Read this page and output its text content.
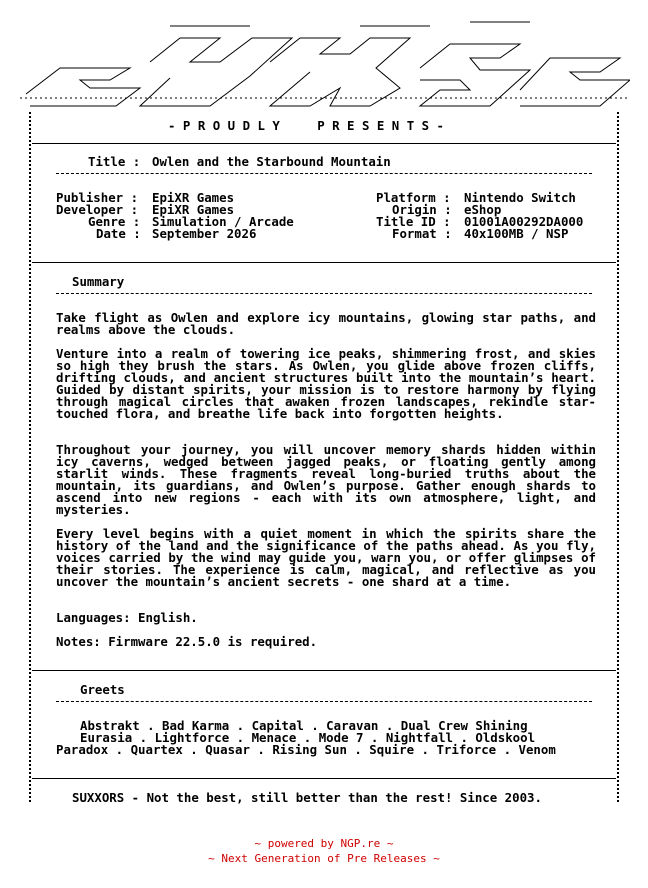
- P R O U D L Y     P R E S E N T S -
Title : Owlen and the Starbound Mountain
Publisher : EpiXR Games
Developer : EpiXR Games
Genre : Simulation / Arcade
Date : September 2026
Platform : Nintendo Switch
Origin : eShop
Title ID : 01001A00292DA000
Format : 40x100MB / NSP
Summary
Take flight as Owlen and explore icy mountains, glowing star paths, and realms above the clouds.
Venture into a realm of towering ice peaks, shimmering frost, and skies so high they brush the stars. As Owlen, you glide above frozen cliffs, drifting clouds, and ancient structures built into the mountain’s heart. Guided by distant spirits, your mission is to restore harmony by flying through magical circles that awaken frozen landscapes, rekindle star-touched flora, and breathe life back into forgotten heights.
Throughout your journey, you will uncover memory shards hidden within icy caverns, wedged between jagged peaks, or floating gently among starlit winds. These fragments reveal long-buried truths about the mountain, its guardians, and Owlen’s purpose. Gather enough shards to ascend into new regions - each with its own atmosphere, light, and mysteries.
Every level begins with a quiet moment in which the spirits share the history of the land and the significance of the paths ahead. As you fly, voices carried by the wind may guide you, warn you, or offer glimpses of their stories. The experience is calm, magical, and reflective as you uncover the mountain’s ancient secrets - one shard at a time.
Languages: English.
Notes: Firmware 22.5.0 is required.
Greets
Abstrakt . Bad Karma . Capital . Caravan . Dual Crew Shining
Eurasia . Lightforce . Menace . Mode 7 . Nightfall . Oldskool
Paradox . Quartex . Quasar . Rising Sun . Squire . Triforce . Venom
SUXXORS - Not the best, still better than the rest! Since 2003.
~ powered by NGP.re ~
~ Next Generation of Pre Releases ~
